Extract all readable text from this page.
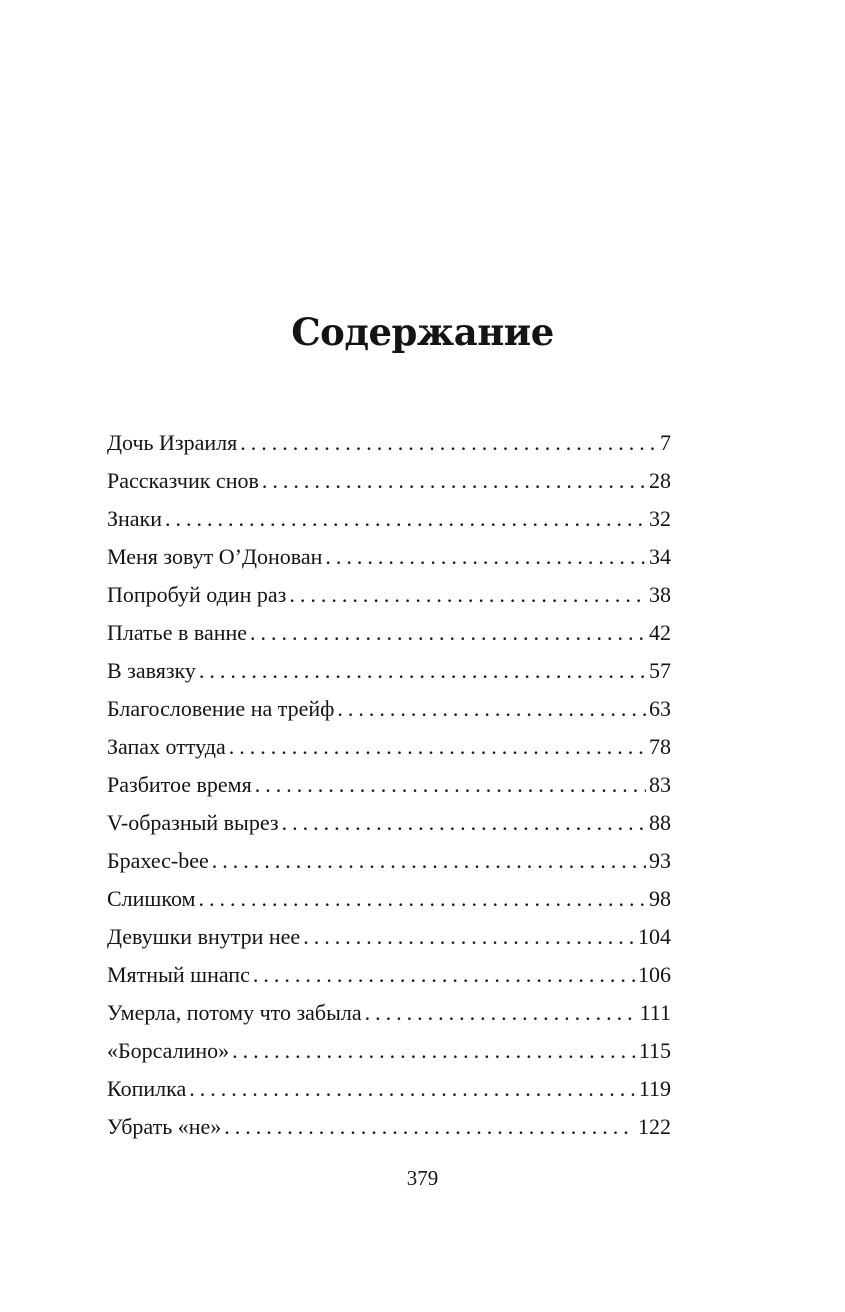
Содержание
Дочь Израиля .....	7
Рассказчик снов .....	28
Знаки .....	32
Меня зовут О’Донован .....	34
Попробуй один раз .....	38
Платье в ванне .....	42
В завязку .....	57
Благословение на трейф .....	63
Запах оттуда .....	78
Разбитое время .....	83
V-образный вырез .....	88
Брахес-bee .....	93
Слишком .....	98
Девушки внутри нее .....	104
Мятный шнапс .....	106
Умерла, потому что забыла .....	111
«Борсалино» .....	115
Копилка .....	119
Убрать «не» .....	122
379
